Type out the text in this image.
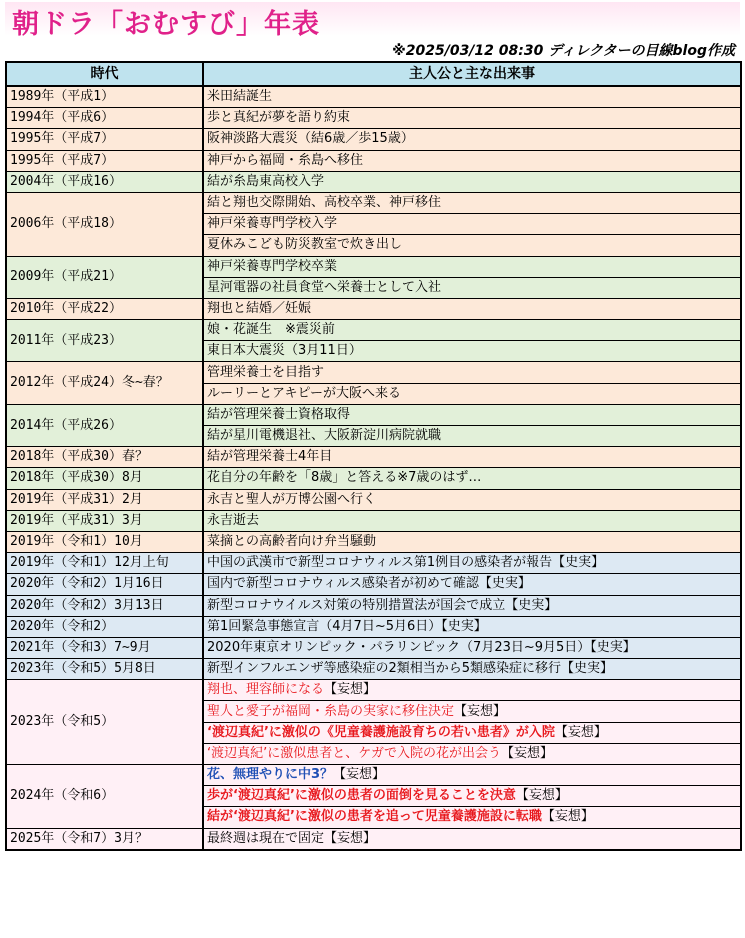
朝ドラ「おむすび」年表
※2025/03/12 08:30 ディレクターの目線blog作成
時代	主人公と主な出来事
1989年（平成1）	米田結誕生
1994年（平成6）	歩と真紀が夢を語り約束
1995年（平成7）	阪神淡路大震災（結6歳／歩15歳）
1995年（平成7）	神戸から福岡・糸島へ移住
2004年（平成16）	結が糸島東高校入学
2006年（平成18）	結と翔也交際開始、高校卒業、神戸移住
	神戸栄養専門学校入学
	夏休みこども防災教室で炊き出し
2009年（平成21）	神戸栄養専門学校卒業
	星河電器の社員食堂へ栄養士として入社
2010年（平成22）	翔也と結婚／妊娠
2011年（平成23）	娘・花誕生　※震災前
	東日本大震災（3月11日）
2012年（平成24）冬~春？	管理栄養士を目指す
	ルーリーとアキピーが大阪へ来る
2014年（平成26）	結が管理栄養士資格取得
	結が星川電機退社、大阪新淀川病院就職
2018年（平成30）春？	結が管理栄養士4年目
2018年（平成30）8月	花自分の年齢を「8歳」と答える※7歳のはず…
2019年（平成31）2月	永吉と聖人が万博公園へ行く
2019年（平成31）3月	永吉逝去
2019年（令和1）10月	菜摘との高齢者向け弁当騒動
2019年（令和1）12月上旬	中国の武漢市で新型コロナウィルス第1例目の感染者が報告【史実】
2020年（令和2）1月16日	国内で新型コロナウィルス感染者が初めて確認【史実】
2020年（令和2）3月13日	新型コロナウイルス対策の特別措置法が国会で成立【史実】
2020年（令和2）	第1回緊急事態宣言（4月7日~5月6日）【史実】
2021年（令和3）7~9月	2020年東京オリンピック・パラリンピック（7月23日~9月5日）【史実】
2023年（令和5）5月8日	新型インフルエンザ等感染症の2類相当から5類感染症に移行【史実】
2023年（令和5）	翔也、理容師になる【妄想】
	聖人と愛子が福岡・糸島の実家に移住決定【妄想】
	‘渡辺真紀’に激似の《児童養護施設育ちの若い患者》が入院【妄想】
	‘渡辺真紀’に激似患者と、ケガで入院の花が出会う【妄想】
2024年（令和6）	花、無理やりに中3？【妄想】
	歩が‘渡辺真紀’に激似の患者の面倒を見ることを決意【妄想】
	結が‘渡辺真紀’に激似の患者を追って児童養護施設に転職【妄想】
2025年（令和7）3月？	最終週は現在で固定【妄想】
